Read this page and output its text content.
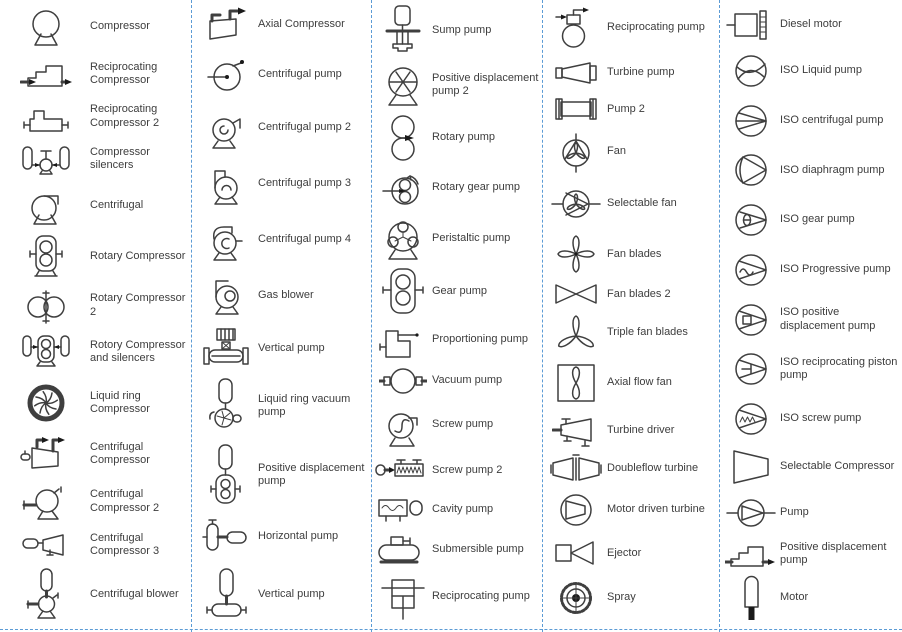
Compressor
Reciprocating Compressor
Reciprocating Compressor 2
Compressor silencers
Centrifugal
Rotary Compressor
Rotary Compressor 2
Rotory Compressor and silencers
Liquid ring Compressor
Centrifugal Compressor
Centrifugal Compressor 2
Centrifugal Compressor 3
Centrifugal blower
Axial Compressor
Centrifugal pump
Centrifugal pump 2
Centrifugal pump 3
Centrifugal pump 4
Gas blower
Vertical pump
Liquid ring vacuum pump
Positive displacement pump
Horizontal pump
Vertical pump
Sump pump
Positive displacement pump 2
Rotary pump
Rotary gear pump
Peristaltic pump
Gear pump
Proportioning pump
Vacuum pump
Screw pump
Screw pump 2
Cavity pump
Submersible pump
Reciprocating pump
Reciprocating pump
Turbine pump
Pump 2
Fan
Selectable fan
Fan blades
Fan blades 2
Triple fan blades
Axial flow fan
Turbine driver
Doubleflow turbine
Motor driven turbine
Ejector
Spray
Diesel motor
ISO Liquid pump
ISO centrifugal pump
ISO diaphragm pump
ISO gear pump
ISO Progressive pump
ISO positive displacement pump
ISO reciprocating piston pump
ISO screw pump
Selectable Compressor
Pump
Positive displacement pump
Motor
